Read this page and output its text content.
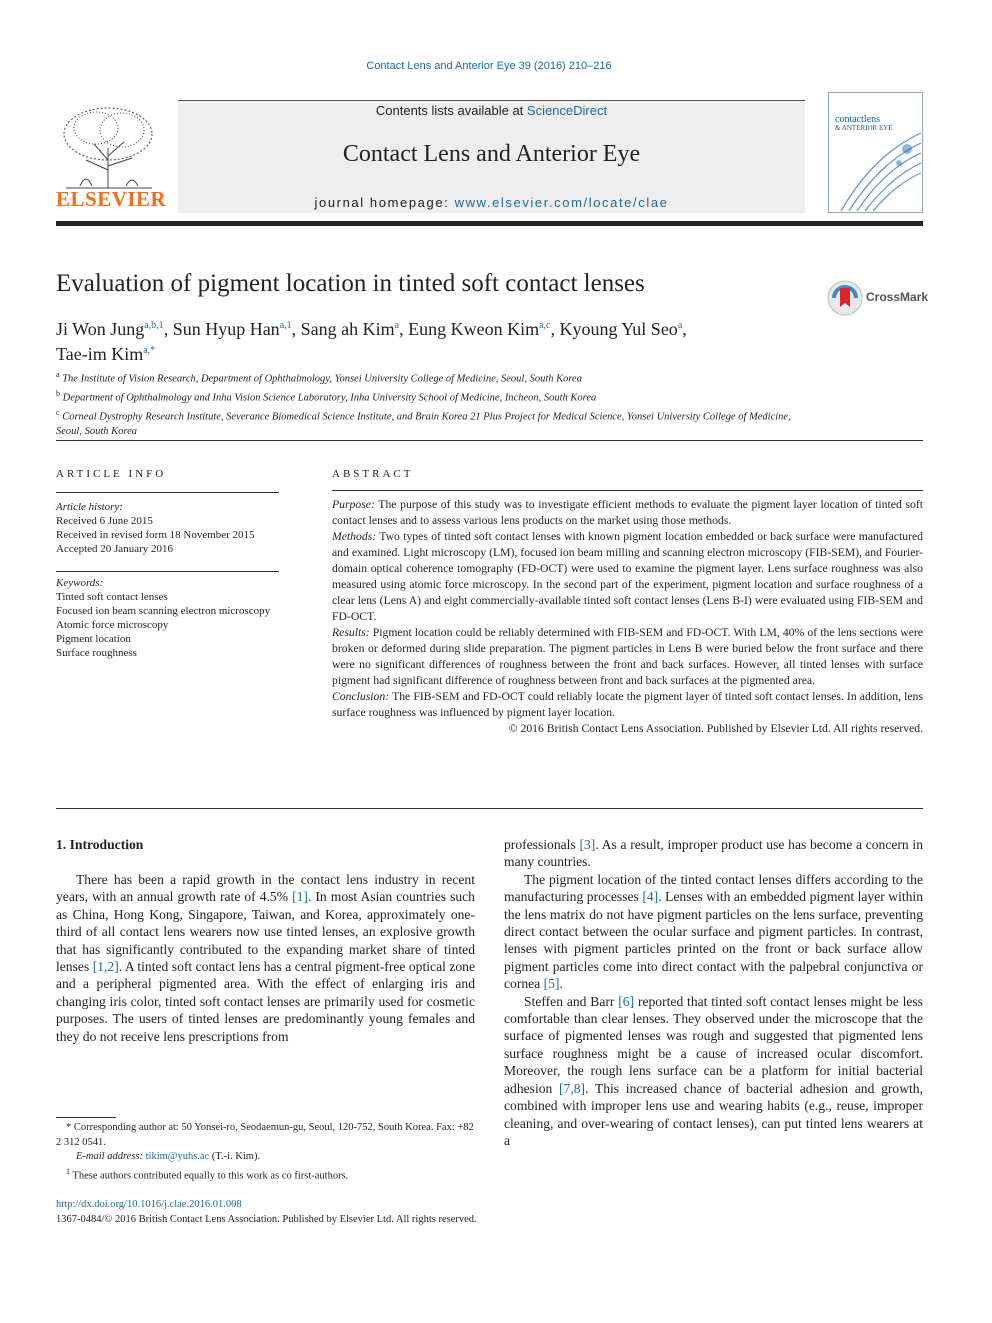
Contact Lens and Anterior Eye 39 (2016) 210–216
ELSEVIER
Contents lists available at ScienceDirect
Contact Lens and Anterior Eye
journal homepage: www.elsevier.com/locate/clae
contactlens
& ANTERIOR EYE
Evaluation of pigment location in tinted soft contact lenses	CrossMark
Ji Won Jung$^{a,b,1}$, Sun Hyup Han$^{a,1}$, Sang ah Kim$^a$, Eung Kweon Kim$^{a,c}$, Kyoung Yul Seo$^a$,
Tae-im Kim$^{a,*}$
$^a$ The Institute of Vision Research, Department of Ophthalmology, Yonsei University College of Medicine, Seoul, South Korea
$^b$ Department of Ophthalmology and Inha Vision Science Laboratory, Inha University School of Medicine, Incheon, South Korea
$^c$ Corneal Dystrophy Research Institute, Severance Biomedical Science Institute, and Brain Korea 21 Plus Project for Medical Science, Yonsei University College of Medicine, Seoul, South Korea
ARTICLE INFO
Article history:
Received 6 June 2015
Received in revised form 18 November 2015
Accepted 20 January 2016
Keywords:
Tinted soft contact lenses
Focused ion beam scanning electron microscopy
Atomic force microscopy
Pigment location
Surface roughness
ABSTRACT

Purpose: The purpose of this study was to investigate efficient methods to evaluate the pigment layer location of tinted soft contact lenses and to assess various lens products on the market using those methods.

Methods: Two types of tinted soft contact lenses with known pigment location embedded or back surface were manufactured and examined. Light microscopy (LM), focused ion beam milling and scanning electron microscopy (FIB-SEM), and Fourier-domain optical coherence tomography (FD-OCT) were used to examine the pigment layer. Lens surface roughness was also measured using atomic force microscopy. In the second part of the experiment, pigment location and surface roughness of a clear lens (Lens A) and eight commercially-available tinted soft contact lenses (Lens B-I) were evaluated using FIB-SEM and FD-OCT.

Results: Pigment location could be reliably determined with FIB-SEM and FD-OCT. With LM, 40% of the lens sections were broken or deformed during slide preparation. The pigment particles in Lens B were buried below the front surface and there were no significant differences of roughness between the front and back surfaces. However, all tinted lenses with surface pigment had significant difference of roughness between front and back surfaces at the pigmented area.

Conclusion: The FIB-SEM and FD-OCT could reliably locate the pigment layer of tinted soft contact lenses. In addition, lens surface roughness was influenced by pigment layer location.

© 2016 British Contact Lens Association. Published by Elsevier Ltd. All rights reserved.

1. Introduction

There has been a rapid growth in the contact lens industry in recent years, with an annual growth rate of 4.5% [1]. In most Asian countries such as China, Hong Kong, Singapore, Taiwan, and Korea, approximately one-third of all contact lens wearers now use tinted lenses, an explosive growth that has significantly contributed to the expanding market share of tinted lenses [1,2]. A tinted soft contact lens has a central pigment-free optical zone and a peripheral pigmented area. With the effect of enlarging iris and changing iris color, tinted soft contact lenses are primarily used for cosmetic purposes. The users of tinted lenses are predominantly young females and they do not receive lens prescriptions from

professionals [3]. As a result, improper product use has become a concern in many countries.

The pigment location of the tinted contact lenses differs according to the manufacturing processes [4]. Lenses with an embedded pigment layer within the lens matrix do not have pigment particles on the lens surface, preventing direct contact between the ocular surface and pigment particles. In contrast, lenses with pigment particles printed on the front or back surface allow pigment particles come into direct contact with the palpebral conjunctiva or cornea [5].

Steffen and Barr [6] reported that tinted soft contact lenses might be less comfortable than clear lenses. They observed under the microscope that the surface of pigmented lenses was rough and suggested that pigmented lens surface roughness might be a cause of increased ocular discomfort. Moreover, the rough lens surface can be a platform for initial bacterial adhesion [7,8]. This increased chance of bacterial adhesion and growth, combined with improper lens use and wearing habits (e.g., reuse, improper cleaning, and over-wearing of contact lenses), can put tinted lens wearers at a

* Corresponding author at: 50 Yonsei-ro, Seodaemun-gu, Seoul, 120-752, South Korea. Fax: +82 2 312 0541.
E-mail address: tikim@yuhs.ac (T.-i. Kim).
$^1$ These authors contributed equally to this work as co first-authors.
http://dx.doi.org/10.1016/j.clae.2016.01.008
1367-0484/© 2016 British Contact Lens Association. Published by Elsevier Ltd. All rights reserved.
